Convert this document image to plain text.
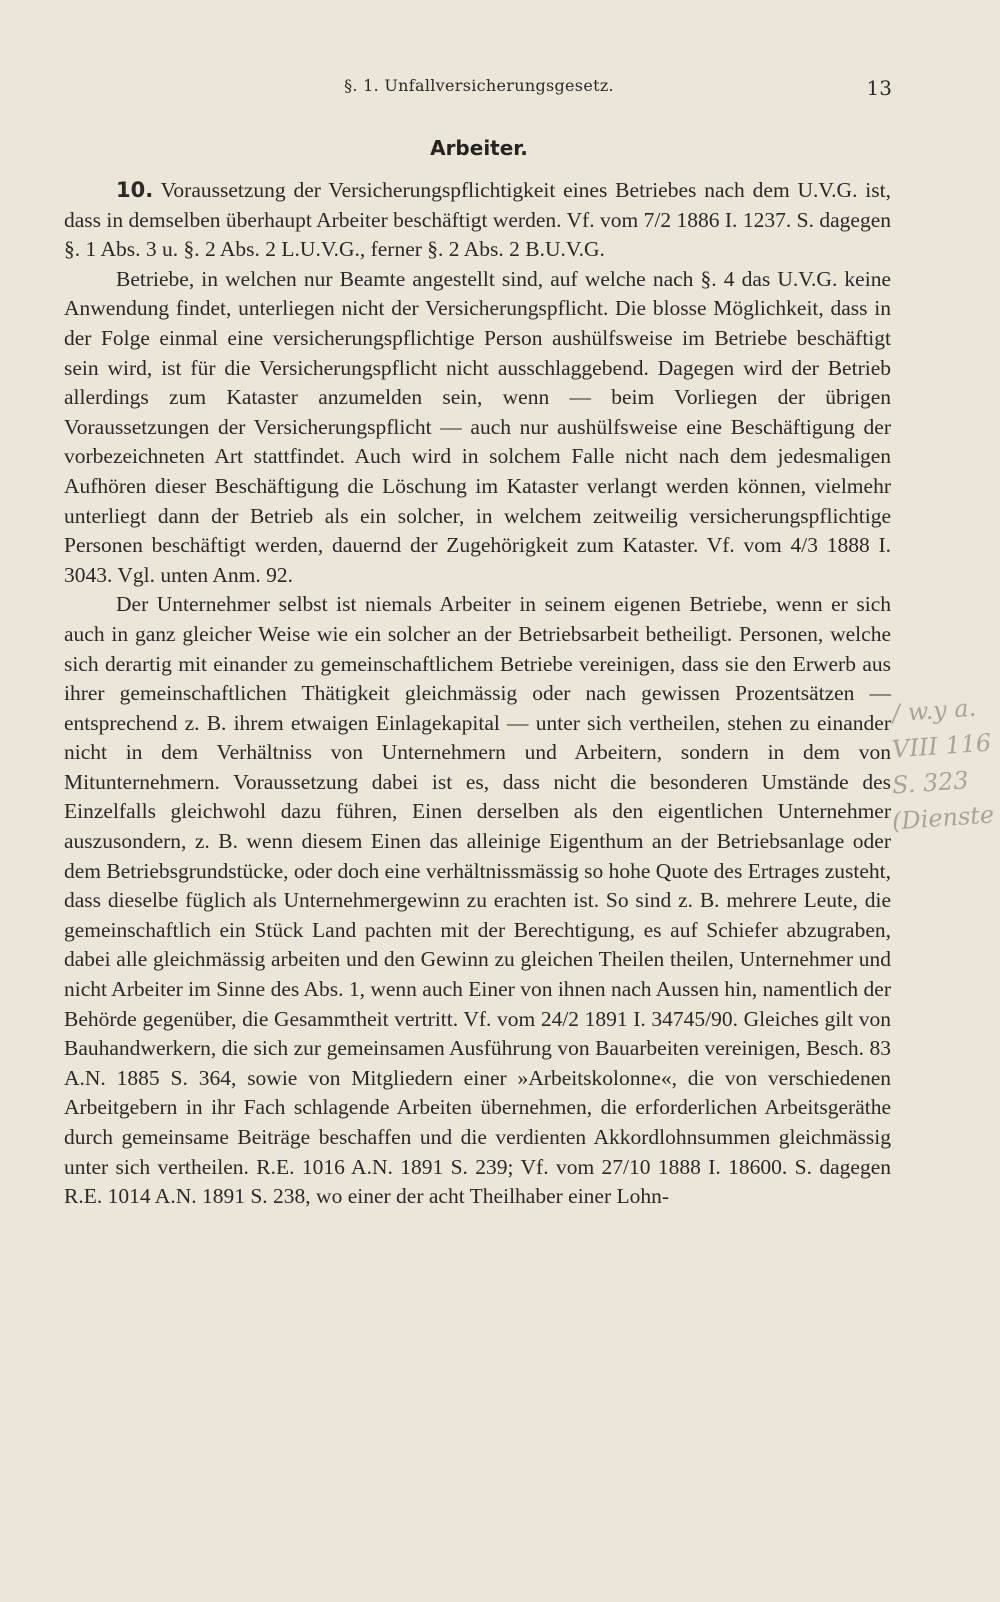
§. 1. Unfallversicherungsgesetz.	13
Arbeiter.

10. Voraussetzung der Versicherungspflichtigkeit eines Betriebes nach dem U.V.G. ist, dass in demselben überhaupt Arbeiter beschäftigt werden. Vf. vom 7/2 1886 I. 1237. S. dagegen §. 1 Abs. 3 u. §. 2 Abs. 2 L.U.V.G., ferner §. 2 Abs. 2 B.U.V.G.

Betriebe, in welchen nur Beamte angestellt sind, auf welche nach §. 4 das U.V.G. keine Anwendung findet, unterliegen nicht der Versicherungspflicht. Die blosse Möglichkeit, dass in der Folge einmal eine versicherungspflichtige Person aushülfsweise im Betriebe beschäftigt sein wird, ist für die Versicherungspflicht nicht ausschlaggebend. Dagegen wird der Betrieb allerdings zum Kataster anzumelden sein, wenn — beim Vorliegen der übrigen Voraussetzungen der Versicherungspflicht — auch nur aushülfsweise eine Beschäftigung der vorbezeichneten Art stattfindet. Auch wird in solchem Falle nicht nach dem jedesmaligen Aufhören dieser Beschäftigung die Löschung im Kataster verlangt werden können, vielmehr unterliegt dann der Betrieb als ein solcher, in welchem zeitweilig versicherungspflichtige Personen beschäftigt werden, dauernd der Zugehörigkeit zum Kataster. Vf. vom 4/3 1888 I. 3043. Vgl. unten Anm. 92.

Der Unternehmer selbst ist niemals Arbeiter in seinem eigenen Betriebe, wenn er sich auch in ganz gleicher Weise wie ein solcher an der Betriebsarbeit betheiligt. Personen, welche sich derartig mit einander zu gemeinschaftlichem Betriebe vereinigen, dass sie den Erwerb aus ihrer gemeinschaftlichen Thätigkeit gleichmässig oder nach gewissen Prozentsätzen — entsprechend z. B. ihrem etwaigen Einlagekapital — unter sich vertheilen, stehen zu einander nicht in dem Verhältniss von Unternehmern und Arbeitern, sondern in dem von Mitunternehmern. Voraussetzung dabei ist es, dass nicht die besonderen Umstände des Einzelfalls gleichwohl dazu führen, Einen derselben als den eigentlichen Unternehmer auszusondern, z. B. wenn diesem Einen das alleinige Eigenthum an der Betriebsanlage oder dem Betriebsgrundstücke, oder doch eine verhältnissmässig so hohe Quote des Ertrages zusteht, dass dieselbe füglich als Unternehmergewinn zu erachten ist. So sind z. B. mehrere Leute, die gemeinschaftlich ein Stück Land pachten mit der Berechtigung, es auf Schiefer abzugraben, dabei alle gleichmässig arbeiten und den Gewinn zu gleichen Theilen theilen, Unternehmer und nicht Arbeiter im Sinne des Abs. 1, wenn auch Einer von ihnen nach Aussen hin, namentlich der Behörde gegenüber, die Gesammtheit vertritt. Vf. vom 24/2 1891 I. 34745/90. Gleiches gilt von Bauhandwerkern, die sich zur gemeinsamen Ausführung von Bauarbeiten vereinigen, Besch. 83 A.N. 1885 S. 364, sowie von Mitgliedern einer »Arbeitskolonne«, die von verschiedenen Arbeitgebern in ihr Fach schlagende Arbeiten übernehmen, die erforderlichen Arbeitsgeräthe durch gemeinsame Beiträge beschaffen und die verdienten Akkordlohnsummen gleichmässig unter sich vertheilen. R.E. 1016 A.N. 1891 S. 239; Vf. vom 27/10 1888 I. 18600. S. dagegen R.E. 1014 A.N. 1891 S. 238, wo einer der acht Theilhaber einer Lohn-

/ w.y a.
VIII 116
S. 323
(Dienste
